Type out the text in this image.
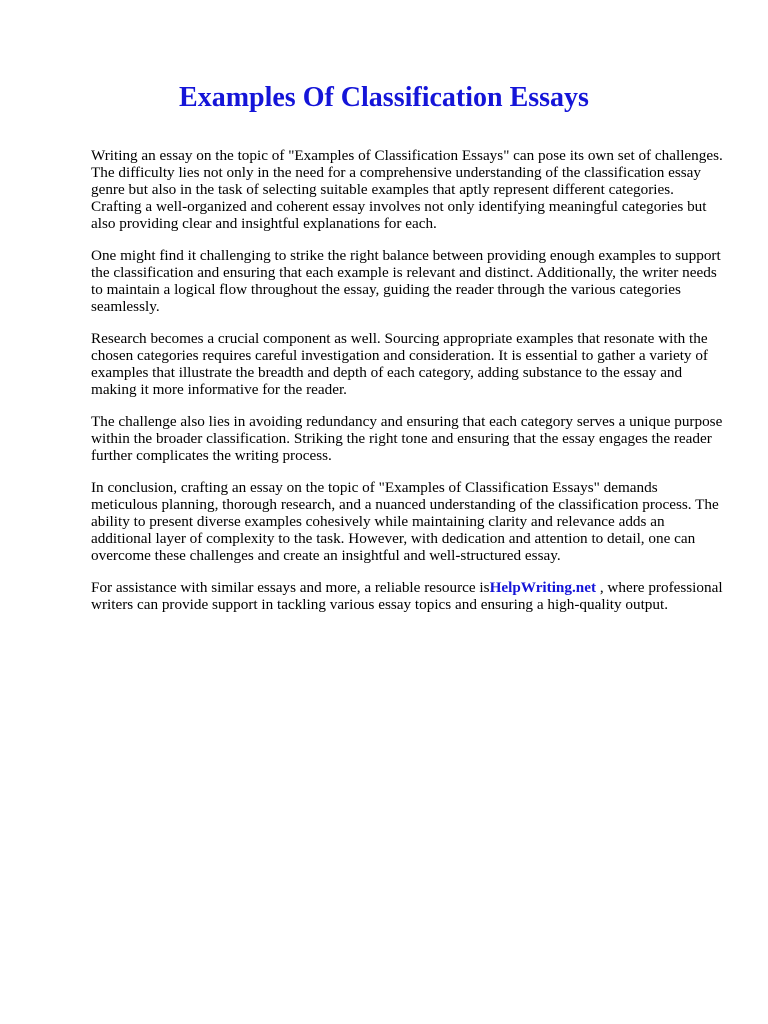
Examples Of Classification Essays

Writing an essay on the topic of "Examples of Classification Essays" can pose its own set of challenges. The difficulty lies not only in the need for a comprehensive understanding of the classification essay genre but also in the task of selecting suitable examples that aptly represent different categories. Crafting a well-organized and coherent essay involves not only identifying meaningful categories but also providing clear and insightful explanations for each.

One might find it challenging to strike the right balance between providing enough examples to support the classification and ensuring that each example is relevant and distinct. Additionally, the writer needs to maintain a logical flow throughout the essay, guiding the reader through the various categories seamlessly.

Research becomes a crucial component as well. Sourcing appropriate examples that resonate with the chosen categories requires careful investigation and consideration. It is essential to gather a variety of examples that illustrate the breadth and depth of each category, adding substance to the essay and making it more informative for the reader.

The challenge also lies in avoiding redundancy and ensuring that each category serves a unique purpose within the broader classification. Striking the right tone and ensuring that the essay engages the reader further complicates the writing process.

In conclusion, crafting an essay on the topic of "Examples of Classification Essays" demands meticulous planning, thorough research, and a nuanced understanding of the classification process. The ability to present diverse examples cohesively while maintaining clarity and relevance adds an additional layer of complexity to the task. However, with dedication and attention to detail, one can overcome these challenges and create an insightful and well-structured essay.

For assistance with similar essays and more, a reliable resource isHelpWriting.net , where professional writers can provide support in tackling various essay topics and ensuring a high-quality output.
